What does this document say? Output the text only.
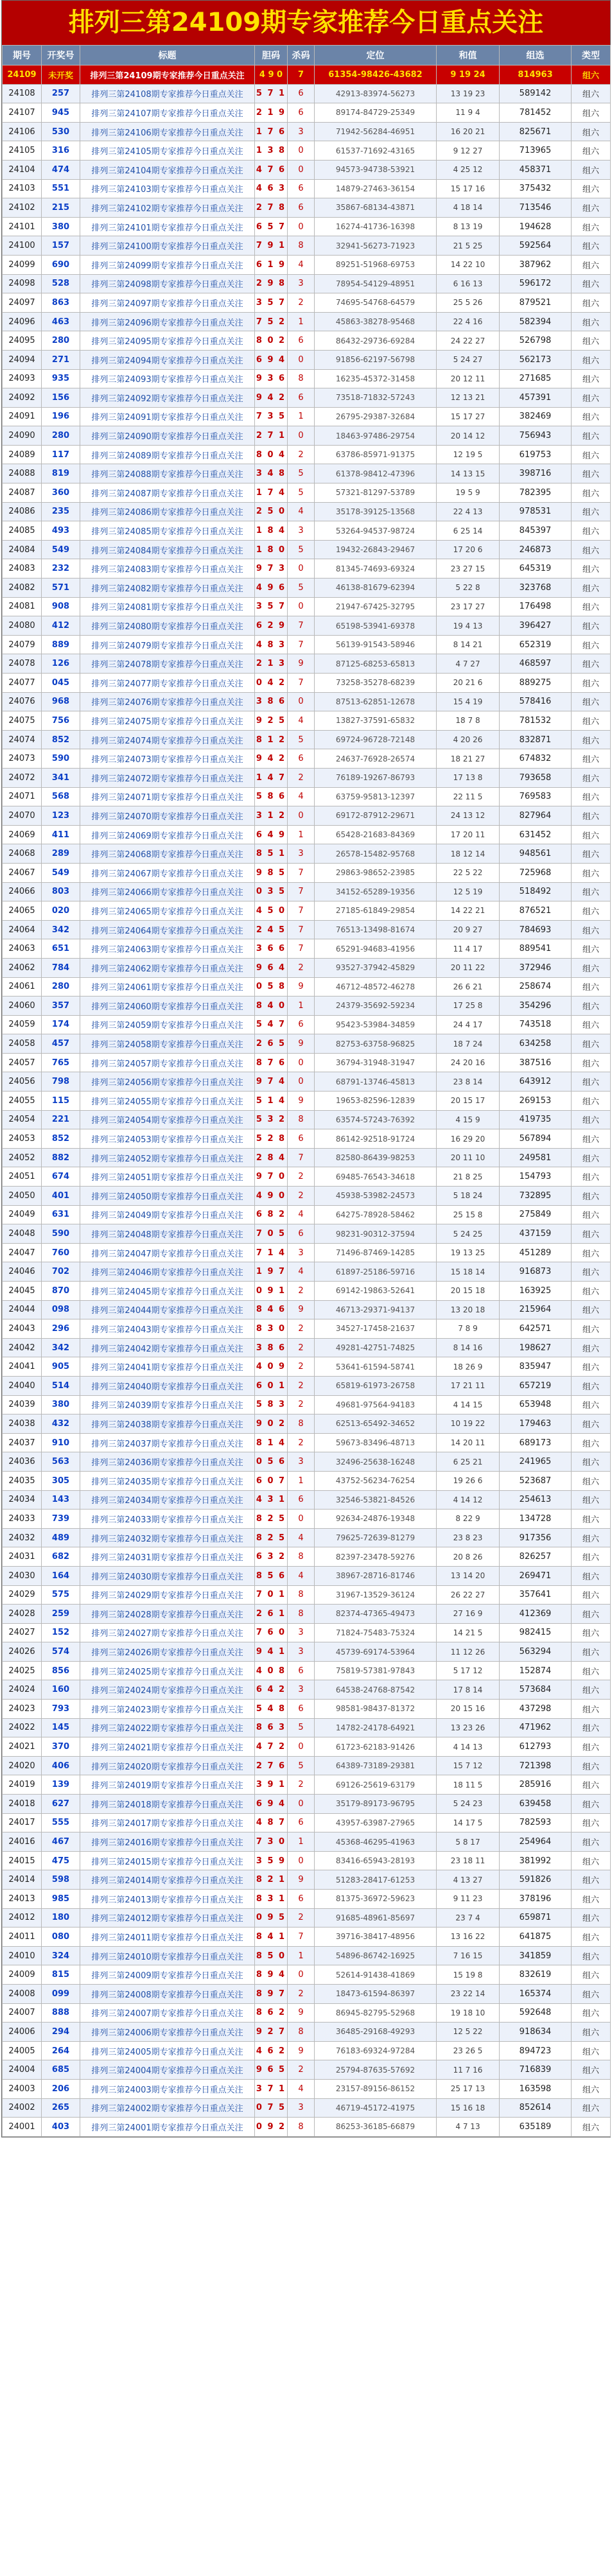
排列三第24109期专家推荐今日重点关注
期号	开奖号	标题	胆码	杀码	定位	和值	组选	类型
24109	未开奖	排列三第24109期专家推荐今日重点关注	4 9 0	7	61354-98426-43682	9 19 24	814963	组六
24108	257	排列三第24108期专家推荐今日重点关注	5 7 1	6	42913-83974-56273	13 19 23	589142	组六
24107	945	排列三第24107期专家推荐今日重点关注	2 1 9	6	89174-84729-25349	11 9 4	781452	组六
24106	530	排列三第24106期专家推荐今日重点关注	1 7 6	3	71942-56284-46951	16 20 21	825671	组六
24105	316	排列三第24105期专家推荐今日重点关注	1 3 8	0	61537-71692-43165	9 12 27	713965	组六
24104	474	排列三第24104期专家推荐今日重点关注	4 7 6	0	94573-94738-53921	4 25 12	458371	组六
24103	551	排列三第24103期专家推荐今日重点关注	4 6 3	6	14879-27463-36154	15 17 16	375432	组六
24102	215	排列三第24102期专家推荐今日重点关注	2 7 8	6	35867-68134-43871	4 18 14	713546	组六
24101	380	排列三第24101期专家推荐今日重点关注	6 5 7	0	16274-41736-16398	8 13 19	194628	组六
24100	157	排列三第24100期专家推荐今日重点关注	7 9 1	8	32941-56273-71923	21 5 25	592564	组六
24099	690	排列三第24099期专家推荐今日重点关注	6 1 9	4	89251-51968-69753	14 22 10	387962	组六
24098	528	排列三第24098期专家推荐今日重点关注	2 9 8	3	78954-54129-48951	6 16 13	596172	组六
24097	863	排列三第24097期专家推荐今日重点关注	3 5 7	2	74695-54768-64579	25 5 26	879521	组六
24096	463	排列三第24096期专家推荐今日重点关注	7 5 2	1	45863-38278-95468	22 4 16	582394	组六
24095	280	排列三第24095期专家推荐今日重点关注	8 0 2	6	86432-29736-69284	24 22 27	526798	组六
24094	271	排列三第24094期专家推荐今日重点关注	6 9 4	0	91856-62197-56798	5 24 27	562173	组六
24093	935	排列三第24093期专家推荐今日重点关注	9 3 6	8	16235-45372-31458	20 12 11	271685	组六
24092	156	排列三第24092期专家推荐今日重点关注	9 4 2	6	73518-71832-57243	12 13 21	457391	组六
24091	196	排列三第24091期专家推荐今日重点关注	7 3 5	1	26795-29387-32684	15 17 27	382469	组六
24090	280	排列三第24090期专家推荐今日重点关注	2 7 1	0	18463-97486-29754	20 14 12	756943	组六
24089	117	排列三第24089期专家推荐今日重点关注	8 0 4	2	63786-85971-91375	12 19 5	619753	组六
24088	819	排列三第24088期专家推荐今日重点关注	3 4 8	5	61378-98412-47396	14 13 15	398716	组六
24087	360	排列三第24087期专家推荐今日重点关注	1 7 4	5	57321-81297-53789	19 5 9	782395	组六
24086	235	排列三第24086期专家推荐今日重点关注	2 5 0	4	35178-39125-13568	22 4 13	978531	组六
24085	493	排列三第24085期专家推荐今日重点关注	1 8 4	3	53264-94537-98724	6 25 14	845397	组六
24084	549	排列三第24084期专家推荐今日重点关注	1 8 0	5	19432-26843-29467	17 20 6	246873	组六
24083	232	排列三第24083期专家推荐今日重点关注	9 7 3	0	81345-74693-69324	23 27 15	645319	组六
24082	571	排列三第24082期专家推荐今日重点关注	4 9 6	5	46138-81679-62394	5 22 8	323768	组六
24081	908	排列三第24081期专家推荐今日重点关注	3 5 7	0	21947-67425-32795	23 17 27	176498	组六
24080	412	排列三第24080期专家推荐今日重点关注	6 2 9	7	65198-53941-69378	19 4 13	396427	组六
24079	889	排列三第24079期专家推荐今日重点关注	4 8 3	7	56139-91543-58946	8 14 21	652319	组六
24078	126	排列三第24078期专家推荐今日重点关注	2 1 3	9	87125-68253-65813	4 7 27	468597	组六
24077	045	排列三第24077期专家推荐今日重点关注	0 4 2	7	73258-35278-68239	20 21 6	889275	组六
24076	968	排列三第24076期专家推荐今日重点关注	3 8 6	0	87513-62851-12678	15 4 19	578416	组六
24075	756	排列三第24075期专家推荐今日重点关注	9 2 5	4	13827-37591-65832	18 7 8	781532	组六
24074	852	排列三第24074期专家推荐今日重点关注	8 1 2	5	69724-96728-72148	4 20 26	832871	组六
24073	590	排列三第24073期专家推荐今日重点关注	9 4 2	6	24637-76928-26574	18 21 27	674832	组六
24072	341	排列三第24072期专家推荐今日重点关注	1 4 7	2	76189-19267-86793	17 13 8	793658	组六
24071	568	排列三第24071期专家推荐今日重点关注	5 8 6	4	63759-95813-12397	22 11 5	769583	组六
24070	123	排列三第24070期专家推荐今日重点关注	3 1 2	0	69172-87912-29671	24 13 12	827964	组六
24069	411	排列三第24069期专家推荐今日重点关注	6 4 9	1	65428-21683-84369	17 20 11	631452	组六
24068	289	排列三第24068期专家推荐今日重点关注	8 5 1	3	26578-15482-95768	18 12 14	948561	组六
24067	549	排列三第24067期专家推荐今日重点关注	9 8 5	7	29863-98652-23985	22 5 22	725968	组六
24066	803	排列三第24066期专家推荐今日重点关注	0 3 5	7	34152-65289-19356	12 5 19	518492	组六
24065	020	排列三第24065期专家推荐今日重点关注	4 5 0	7	27185-61849-29854	14 22 21	876521	组六
24064	342	排列三第24064期专家推荐今日重点关注	2 4 5	7	76513-13498-81674	20 9 27	784693	组六
24063	651	排列三第24063期专家推荐今日重点关注	3 6 6	7	65291-94683-41956	11 4 17	889541	组六
24062	784	排列三第24062期专家推荐今日重点关注	9 6 4	2	93527-37942-45829	20 11 22	372946	组六
24061	280	排列三第24061期专家推荐今日重点关注	0 5 8	9	46712-48572-46278	26 6 21	258674	组六
24060	357	排列三第24060期专家推荐今日重点关注	8 4 0	1	24379-35692-59234	17 25 8	354296	组六
24059	174	排列三第24059期专家推荐今日重点关注	5 4 7	6	95423-53984-34859	24 4 17	743518	组六
24058	457	排列三第24058期专家推荐今日重点关注	2 6 5	9	82753-63758-96825	18 7 24	634258	组六
24057	765	排列三第24057期专家推荐今日重点关注	8 7 6	0	36794-31948-31947	24 20 16	387516	组六
24056	798	排列三第24056期专家推荐今日重点关注	9 7 4	0	68791-13746-45813	23 8 14	643912	组六
24055	115	排列三第24055期专家推荐今日重点关注	5 1 4	9	19653-82596-12839	20 15 17	269153	组六
24054	221	排列三第24054期专家推荐今日重点关注	5 3 2	8	63574-57243-76392	4 15 9	419735	组六
24053	852	排列三第24053期专家推荐今日重点关注	5 2 8	6	86142-92518-91724	16 29 20	567894	组六
24052	882	排列三第24052期专家推荐今日重点关注	2 8 4	7	82580-86439-98253	20 11 10	249581	组六
24051	674	排列三第24051期专家推荐今日重点关注	9 7 0	2	69485-76543-34618	21 8 25	154793	组六
24050	401	排列三第24050期专家推荐今日重点关注	4 9 0	2	45938-53982-24573	5 18 24	732895	组六
24049	631	排列三第24049期专家推荐今日重点关注	6 8 2	4	64275-78928-58462	25 15 8	275849	组六
24048	590	排列三第24048期专家推荐今日重点关注	7 0 5	6	98231-90312-37594	5 24 25	437159	组六
24047	760	排列三第24047期专家推荐今日重点关注	7 1 4	3	71496-87469-14285	19 13 25	451289	组六
24046	702	排列三第24046期专家推荐今日重点关注	1 9 7	4	61897-25186-59716	15 18 14	916873	组六
24045	870	排列三第24045期专家推荐今日重点关注	0 9 1	2	69142-19863-52641	20 15 18	163925	组六
24044	098	排列三第24044期专家推荐今日重点关注	8 4 6	9	46713-29371-94137	13 20 18	215964	组六
24043	296	排列三第24043期专家推荐今日重点关注	8 3 0	2	34527-17458-21637	7 8 9	642571	组六
24042	342	排列三第24042期专家推荐今日重点关注	3 8 6	2	49281-42751-74825	8 14 16	198627	组六
24041	905	排列三第24041期专家推荐今日重点关注	4 0 9	2	53641-61594-58741	18 26 9	835947	组六
24040	514	排列三第24040期专家推荐今日重点关注	6 0 1	2	65819-61973-26758	17 21 11	657219	组六
24039	380	排列三第24039期专家推荐今日重点关注	5 8 3	2	49681-97564-94183	4 14 15	653948	组六
24038	432	排列三第24038期专家推荐今日重点关注	9 0 2	8	62513-65492-34652	10 19 22	179463	组六
24037	910	排列三第24037期专家推荐今日重点关注	8 1 4	2	59673-83496-48713	14 20 11	689173	组六
24036	563	排列三第24036期专家推荐今日重点关注	0 5 6	3	32496-25638-16248	6 25 21	241965	组六
24035	305	排列三第24035期专家推荐今日重点关注	6 0 7	1	43752-56234-76254	19 26 6	523687	组六
24034	143	排列三第24034期专家推荐今日重点关注	4 3 1	6	32546-53821-84526	4 14 12	254613	组六
24033	739	排列三第24033期专家推荐今日重点关注	8 2 5	0	92634-24876-19348	8 22 9	134728	组六
24032	489	排列三第24032期专家推荐今日重点关注	8 2 5	4	79625-72639-81279	23 8 23	917356	组六
24031	682	排列三第24031期专家推荐今日重点关注	6 3 2	8	82397-23478-59276	20 8 26	826257	组六
24030	164	排列三第24030期专家推荐今日重点关注	8 5 6	4	38967-28716-81746	13 14 20	269471	组六
24029	575	排列三第24029期专家推荐今日重点关注	7 0 1	8	31967-13529-36124	26 22 27	357641	组六
24028	259	排列三第24028期专家推荐今日重点关注	2 6 1	8	82374-47365-49473	27 16 9	412369	组六
24027	152	排列三第24027期专家推荐今日重点关注	7 6 0	3	71824-75483-75324	14 21 5	982415	组六
24026	574	排列三第24026期专家推荐今日重点关注	9 4 1	3	45739-69174-53964	11 12 26	563294	组六
24025	856	排列三第24025期专家推荐今日重点关注	4 0 8	6	75819-57381-97843	5 17 12	152874	组六
24024	160	排列三第24024期专家推荐今日重点关注	6 4 2	3	64538-24768-87542	17 8 14	573684	组六
24023	793	排列三第24023期专家推荐今日重点关注	5 4 8	6	98581-98437-81372	20 15 16	437298	组六
24022	145	排列三第24022期专家推荐今日重点关注	8 6 3	5	14782-24178-64921	13 23 26	471962	组六
24021	370	排列三第24021期专家推荐今日重点关注	4 7 2	0	61723-62183-91426	4 14 13	612793	组六
24020	406	排列三第24020期专家推荐今日重点关注	2 7 6	5	64389-73189-29381	15 7 12	721398	组六
24019	139	排列三第24019期专家推荐今日重点关注	3 9 1	2	69126-25619-63179	18 11 5	285916	组六
24018	627	排列三第24018期专家推荐今日重点关注	6 9 4	0	35179-89173-96795	5 24 23	639458	组六
24017	555	排列三第24017期专家推荐今日重点关注	4 8 7	6	43957-63987-27965	14 17 5	782593	组六
24016	467	排列三第24016期专家推荐今日重点关注	7 3 0	1	45368-46295-41963	5 8 17	254964	组六
24015	475	排列三第24015期专家推荐今日重点关注	3 5 9	0	83416-65943-28193	23 18 11	381992	组六
24014	598	排列三第24014期专家推荐今日重点关注	8 2 1	9	51283-28417-61253	4 13 27	591826	组六
24013	985	排列三第24013期专家推荐今日重点关注	8 3 1	6	81375-36972-59623	9 11 23	378196	组六
24012	180	排列三第24012期专家推荐今日重点关注	0 9 5	2	91685-48961-85697	23 7 4	659871	组六
24011	080	排列三第24011期专家推荐今日重点关注	8 4 1	7	39716-38417-48956	13 16 22	641875	组六
24010	324	排列三第24010期专家推荐今日重点关注	8 5 0	1	54896-86742-16925	7 16 15	341859	组六
24009	815	排列三第24009期专家推荐今日重点关注	8 9 4	0	52614-91438-41869	15 19 8	832619	组六
24008	099	排列三第24008期专家推荐今日重点关注	8 9 7	2	18473-61594-86397	23 22 14	165374	组六
24007	888	排列三第24007期专家推荐今日重点关注	8 6 2	9	86945-82795-52968	19 18 10	592648	组六
24006	294	排列三第24006期专家推荐今日重点关注	9 2 7	8	36485-29168-49293	12 5 22	918634	组六
24005	264	排列三第24005期专家推荐今日重点关注	4 6 2	9	76183-69324-97284	23 26 5	894723	组六
24004	685	排列三第24004期专家推荐今日重点关注	9 6 5	2	25794-87635-57692	11 7 16	716839	组六
24003	206	排列三第24003期专家推荐今日重点关注	3 7 1	4	23157-89156-86152	25 17 13	163598	组六
24002	265	排列三第24002期专家推荐今日重点关注	0 7 5	3	46719-45172-41975	15 16 18	852614	组六
24001	403	排列三第24001期专家推荐今日重点关注	0 9 2	8	86253-36185-66879	4 7 13	635189	组六
